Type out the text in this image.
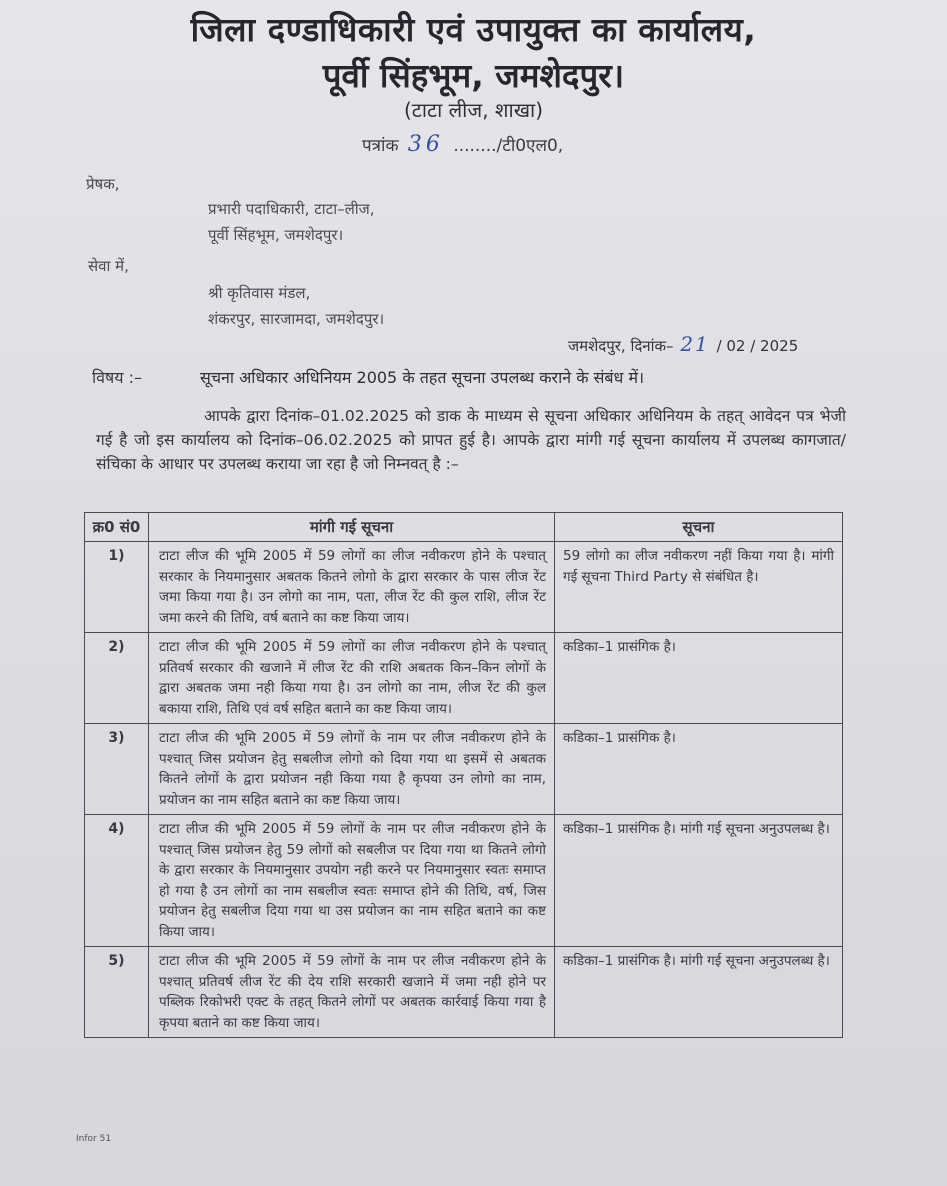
जिला दण्डाधिकारी एवं उपायुक्त का कार्यालय,
पूर्वी सिंहभूम, जमशेदपुर।
(टाटा लीज, शाखा)
पत्रांक 36 ......../टी0एल0,
प्रेषक,
प्रभारी पदाधिकारी, टाटा–लीज,
पूर्वी सिंहभूम, जमशेदपुर।
सेवा में,
श्री कृतिवास मंडल,
शंकरपुर, सारजामदा, जमशेदपुर।
जमशेदपुर, दिनांक– 21 / 02 / 2025
विषय :–	सूचना अधिकार अधिनियम 2005 के तहत सूचना उपलब्ध कराने के संबंध में।
आपके द्वारा दिनांक–01.02.2025 को डाक के माध्यम से सूचना अधिकार अधिनियम के तहत् आवेदन पत्र भेजी गई है जो इस कार्यालय को दिनांक–06.02.2025 को प्रापत हुई है। आपके द्वारा मांगी गई सूचना कार्यालय में उपलब्ध कागजात/संचिका के आधार पर उपलब्ध कराया जा रहा है जो निम्नवत् है :–
क्र0 सं0	मांगी गई सूचना	सूचना
1)	टाटा लीज की भूमि 2005 में 59 लोगों का लीज नवीकरण होने के पश्चात् सरकार के नियमानुसार अबतक कितने लोगो के द्वारा सरकार के पास लीज रेंट जमा किया गया है। उन लोगो का नाम, पता, लीज रेंट की कुल राशि, लीज रेंट जमा करने की तिथि, वर्ष बताने का कष्ट किया जाय।	59 लोगो का लीज नवीकरण नहीं किया गया है। मांगी गई सूचना Third Party से संबंधित है।
2)	टाटा लीज की भूमि 2005 में 59 लोगों का लीज नवीकरण होने के पश्चात् प्रतिवर्ष सरकार की खजाने में लीज रेंट की राशि अबतक किन–किन लोगों के द्वारा अबतक जमा नही किया गया है। उन लोगो का नाम, लीज रेंट की कुल बकाया राशि, तिथि एवं वर्ष सहित बताने का कष्ट किया जाय।	कडिका–1 प्रासंगिक है।
3)	टाटा लीज की भूमि 2005 में 59 लोगों के नाम पर लीज नवीकरण होने के पश्चात् जिस प्रयोजन हेतु सबलीज लोगो को दिया गया था इसमें से अबतक कितने लोगों के द्वारा प्रयोजन नही किया गया है कृपया उन लोगो का नाम, प्रयोजन का नाम सहित बताने का कष्ट किया जाय।	कडिका–1 प्रासंगिक है।
4)	टाटा लीज की भूमि 2005 में 59 लोगों के नाम पर लीज नवीकरण होने के पश्चात् जिस प्रयोजन हेतु 59 लोगों को सबलीज पर दिया गया था कितने लोगो के द्वारा सरकार के नियमानुसार उपयोग नही करने पर नियमानुसार स्वतः समाप्त हो गया है उन लोगों का नाम सबलीज स्वतः समाप्त होने की तिथि, वर्ष, जिस प्रयोजन हेतु सबलीज दिया गया था उस प्रयोजन का नाम सहित बताने का कष्ट किया जाय।	कडिका–1 प्रासंगिक है। मांगी गई सूचना अनुउपलब्ध है।
5)	टाटा लीज की भूमि 2005 में 59 लोगों के नाम पर लीज नवीकरण होने के पश्चात् प्रतिवर्ष लीज रेंट की देय राशि सरकारी खजाने में जमा नही होने पर पब्लिक रिकोभरी एक्ट के तहत् कितने लोगों पर अबतक कार्रवाई किया गया है कृपया बताने का कष्ट किया जाय।	कडिका–1 प्रासंगिक है। मांगी गई सूचना अनुउपलब्ध है।
Infor 51
